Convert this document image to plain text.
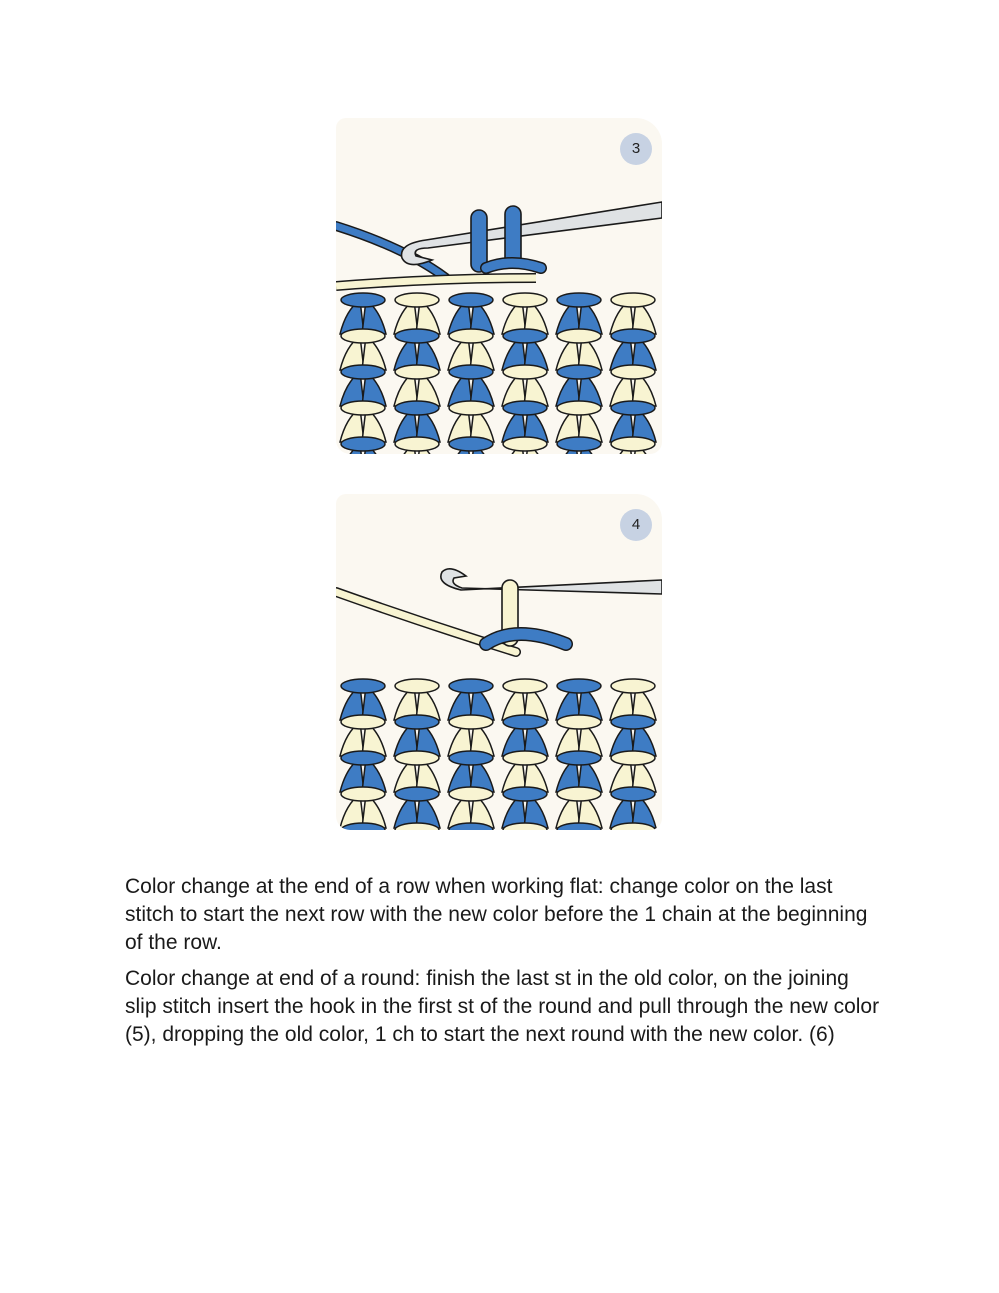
3
4

Color change at the end of a row when working flat: change color on the last stitch to start the next row with the new color before the 1 chain at the beginning of the row.

Color change at end of a round: finish the last st in the old color, on the joining slip stitch insert the hook in the first st of the round and pull through the new color (5), dropping the old color, 1 ch to start the next round with the new color. (6)
